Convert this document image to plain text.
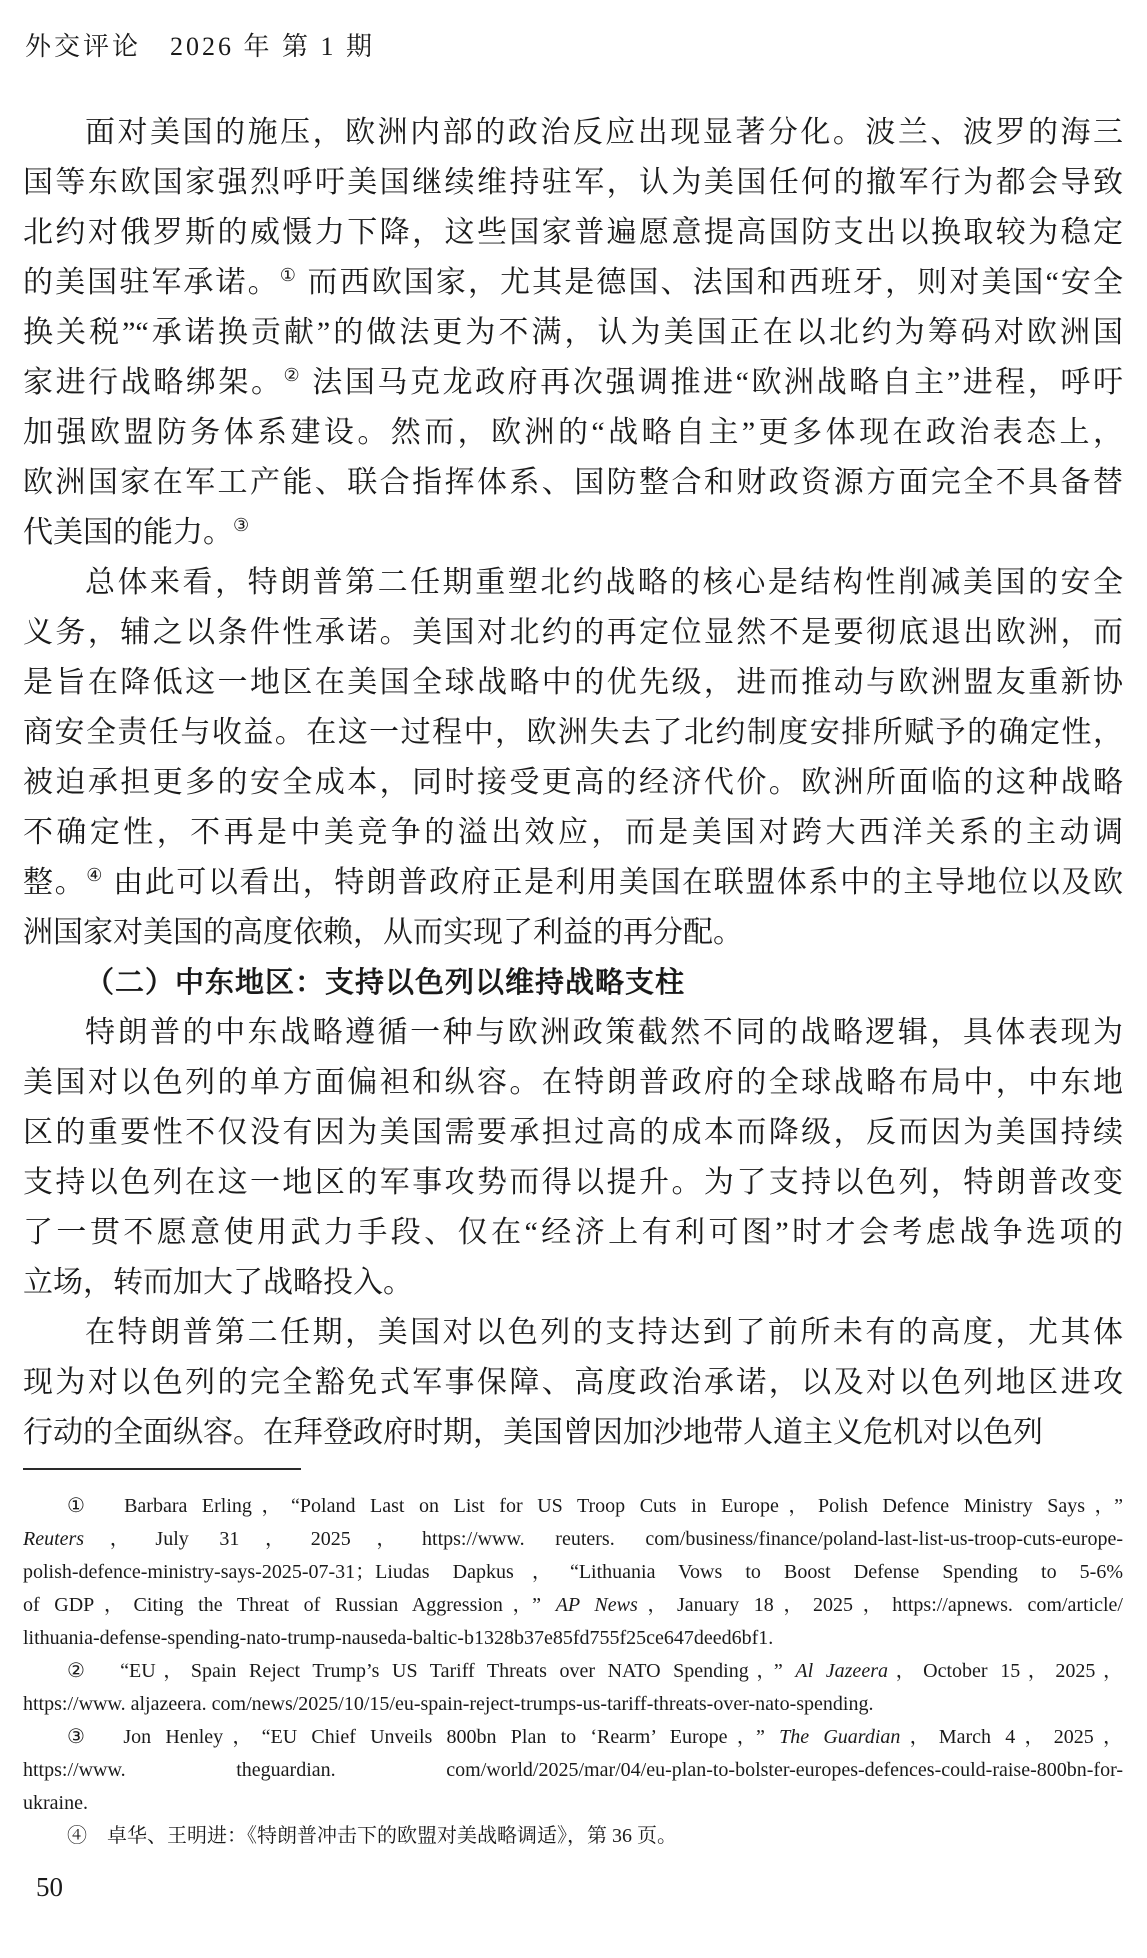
外交评论　2026 年 第 1 期
面对美国的施压，欧洲内部的政治反应出现显著分化。波兰、波罗的海三
国等东欧国家强烈呼吁美国继续维持驻军，认为美国任何的撤军行为都会导致
北约对俄罗斯的威慑力下降，这些国家普遍愿意提高国防支出以换取较为稳定
的美国驻军承诺。① 而西欧国家，尤其是德国、法国和西班牙，则对美国“安全
换关税”“承诺换贡献”的做法更为不满，认为美国正在以北约为筹码对欧洲国
家进行战略绑架。② 法国马克龙政府再次强调推进“欧洲战略自主”进程，呼吁
加强欧盟防务体系建设。然而，欧洲的“战略自主”更多体现在政治表态上，
欧洲国家在军工产能、联合指挥体系、国防整合和财政资源方面完全不具备替
代美国的能力。③
总体来看，特朗普第二任期重塑北约战略的核心是结构性削减美国的安全
义务，辅之以条件性承诺。美国对北约的再定位显然不是要彻底退出欧洲，而
是旨在降低这一地区在美国全球战略中的优先级，进而推动与欧洲盟友重新协
商安全责任与收益。在这一过程中，欧洲失去了北约制度安排所赋予的确定性，
被迫承担更多的安全成本，同时接受更高的经济代价。欧洲所面临的这种战略
不确定性，不再是中美竞争的溢出效应，而是美国对跨大西洋关系的主动调
整。④ 由此可以看出，特朗普政府正是利用美国在联盟体系中的主导地位以及欧
洲国家对美国的高度依赖，从而实现了利益的再分配。
（二）中东地区：支持以色列以维持战略支柱
特朗普的中东战略遵循一种与欧洲政策截然不同的战略逻辑，具体表现为
美国对以色列的单方面偏袒和纵容。在特朗普政府的全球战略布局中，中东地
区的重要性不仅没有因为美国需要承担过高的成本而降级，反而因为美国持续
支持以色列在这一地区的军事攻势而得以提升。为了支持以色列，特朗普改变
了一贯不愿意使用武力手段、仅在“经济上有利可图”时才会考虑战争选项的
立场，转而加大了战略投入。
在特朗普第二任期，美国对以色列的支持达到了前所未有的高度，尤其体
现为对以色列的完全豁免式军事保障、高度政治承诺，以及对以色列地区进攻
行动的全面纵容。在拜登政府时期，美国曾因加沙地带人道主义危机对以色列
①　Barbara Erling，“Poland Last on List for US Troop Cuts in Europe，Polish Defence Ministry Says，”
Reuters，July 31，2025，https://www. reuters. com/business/finance/poland-last-list-us-troop-cuts-europe-
polish-defence-ministry-says-2025-07-31；Liudas Dapkus，“Lithuania Vows to Boost Defense Spending to 5-6%
of GDP，Citing the Threat of Russian Aggression，” AP News，January 18，2025，https://apnews. com/article/
lithuania-defense-spending-nato-trump-nauseda-baltic-b1328b37e85fd755f25ce647deed6bf1.
②　“EU，Spain Reject Trump’s US Tariff Threats over NATO Spending，” Al Jazeera，October 15，2025，
https://www. aljazeera. com/news/2025/10/15/eu-spain-reject-trumps-us-tariff-threats-over-nato-spending.
③　Jon Henley，“EU Chief Unveils 800bn Plan to ‘Rearm’ Europe，” The Guardian，March 4，2025，
https://www. theguardian. com/world/2025/mar/04/eu-plan-to-bolster-europes-defences-could-raise-800bn-for-
ukraine.
④　卓华、王明进：《特朗普冲击下的欧盟对美战略调适》，第 36 页。
50
